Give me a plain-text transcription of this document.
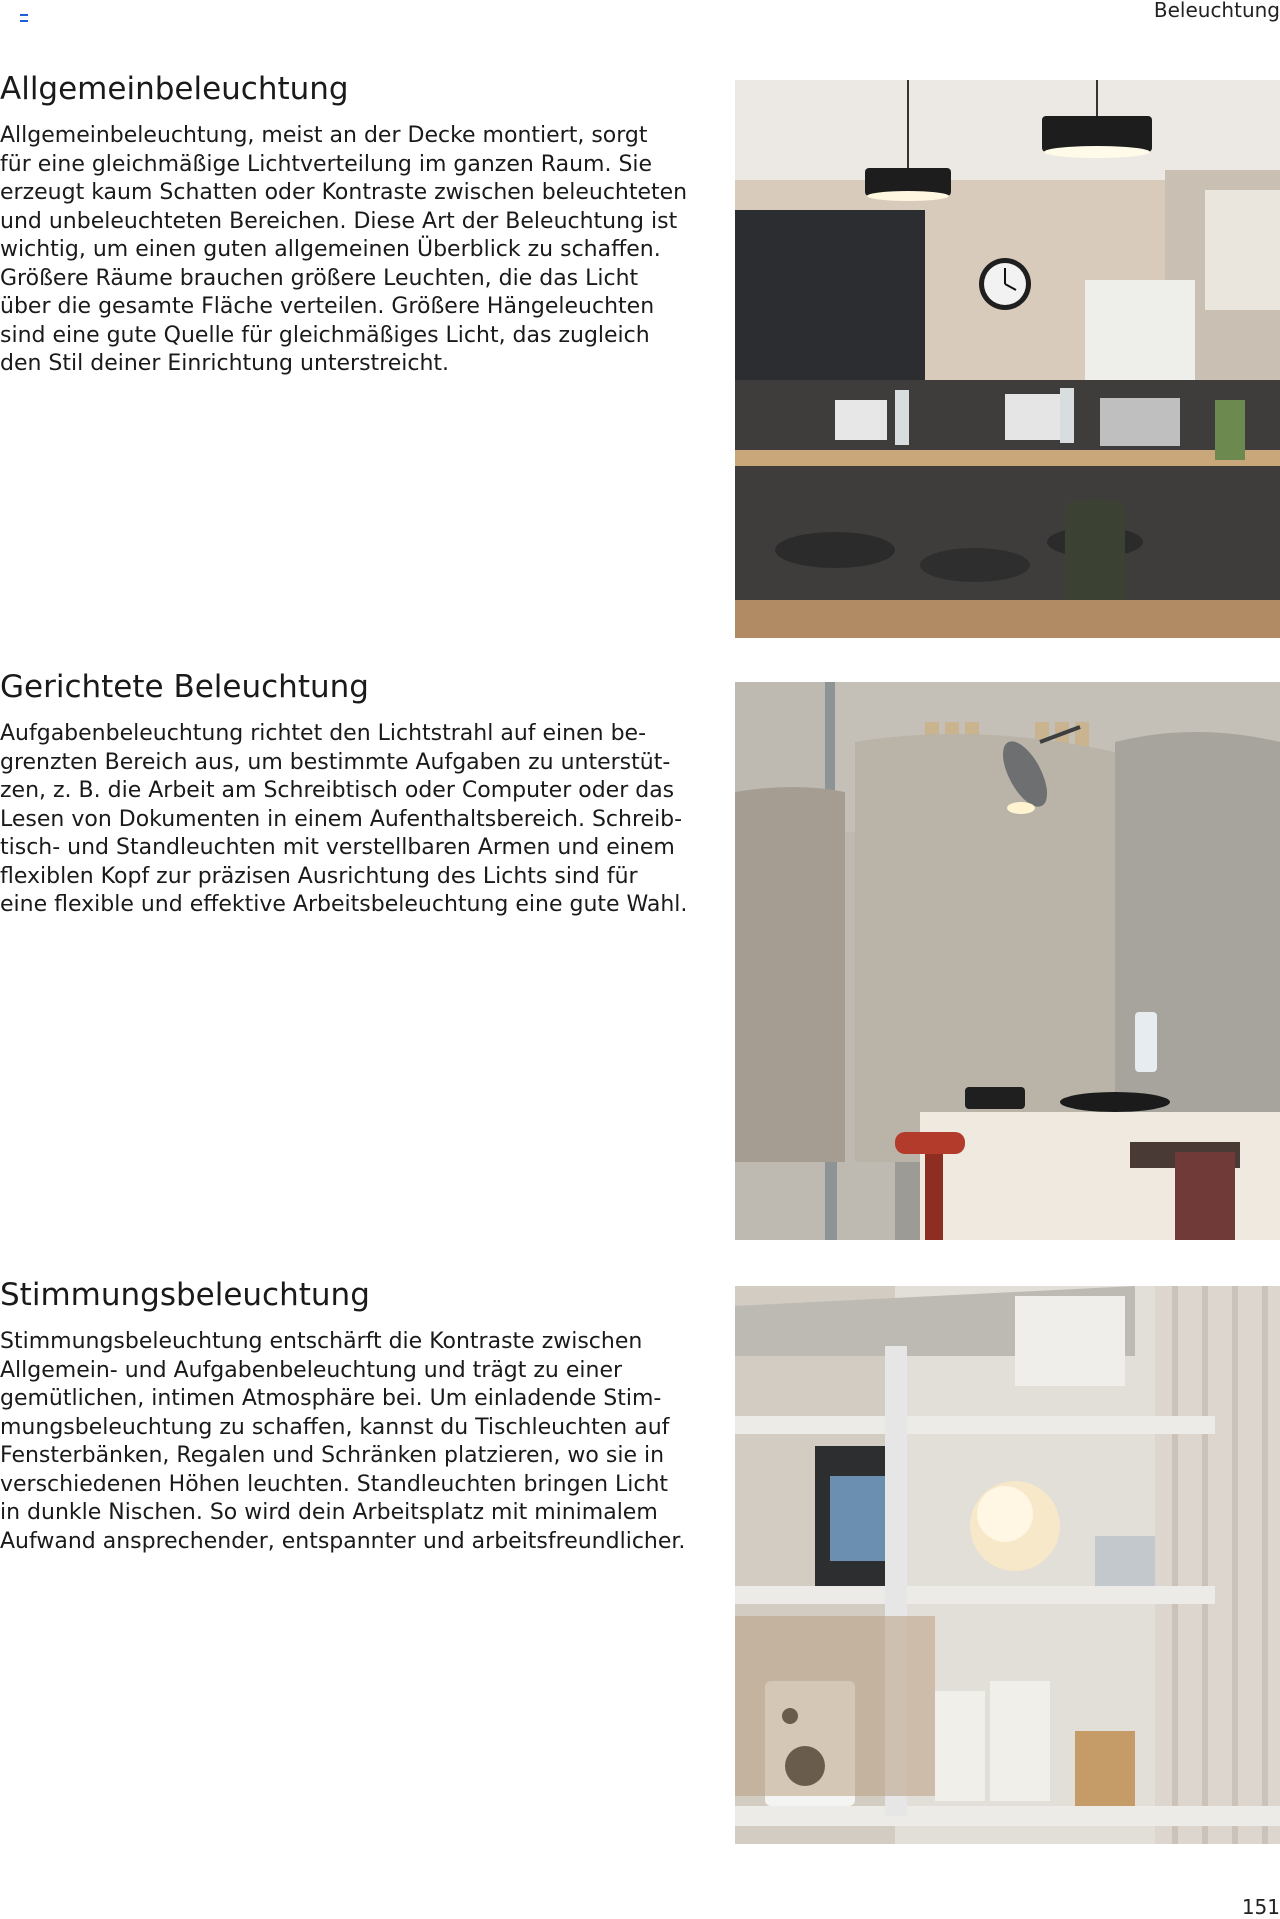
Beleuchtung
Allgemeinbeleuchtung

Allgemeinbeleuchtung, meist an der Decke montiert, sorgt
für eine gleichmäßige Lichtverteilung im ganzen Raum. Sie
erzeugt kaum Schatten oder Kontraste zwischen beleuchteten
und unbeleuchteten Bereichen. Diese Art der Beleuchtung ist
wichtig, um einen guten allgemeinen Überblick zu schaffen.
Größere Räume brauchen größere Leuchten, die das Licht
über die gesamte Fläche verteilen. Größere Hängeleuchten
sind eine gute Quelle für gleichmäßiges Licht, das zugleich
den Stil deiner Einrichtung unterstreicht.

Gerichtete Beleuchtung

Aufgabenbeleuchtung richtet den Lichtstrahl auf einen be-
grenzten Bereich aus, um bestimmte Aufgaben zu unterstüt-
zen, z. B. die Arbeit am Schreibtisch oder Computer oder das
Lesen von Dokumenten in einem Aufenthaltsbereich. Schreib-
tisch- und Standleuchten mit verstellbaren Armen und einem
flexiblen Kopf zur präzisen Ausrichtung des Lichts sind für
eine flexible und effektive Arbeitsbeleuchtung eine gute Wahl.

Stimmungsbeleuchtung

Stimmungsbeleuchtung entschärft die Kontraste zwischen
Allgemein- und Aufgabenbeleuchtung und trägt zu einer
gemütlichen, intimen Atmosphäre bei. Um einladende Stim-
mungsbeleuchtung zu schaffen, kannst du Tischleuchten auf
Fensterbänken, Regalen und Schränken platzieren, wo sie in
verschiedenen Höhen leuchten. Standleuchten bringen Licht
in dunkle Nischen. So wird dein Arbeitsplatz mit minimalem
Aufwand ansprechender, entspannter und arbeitsfreundlicher.

151
